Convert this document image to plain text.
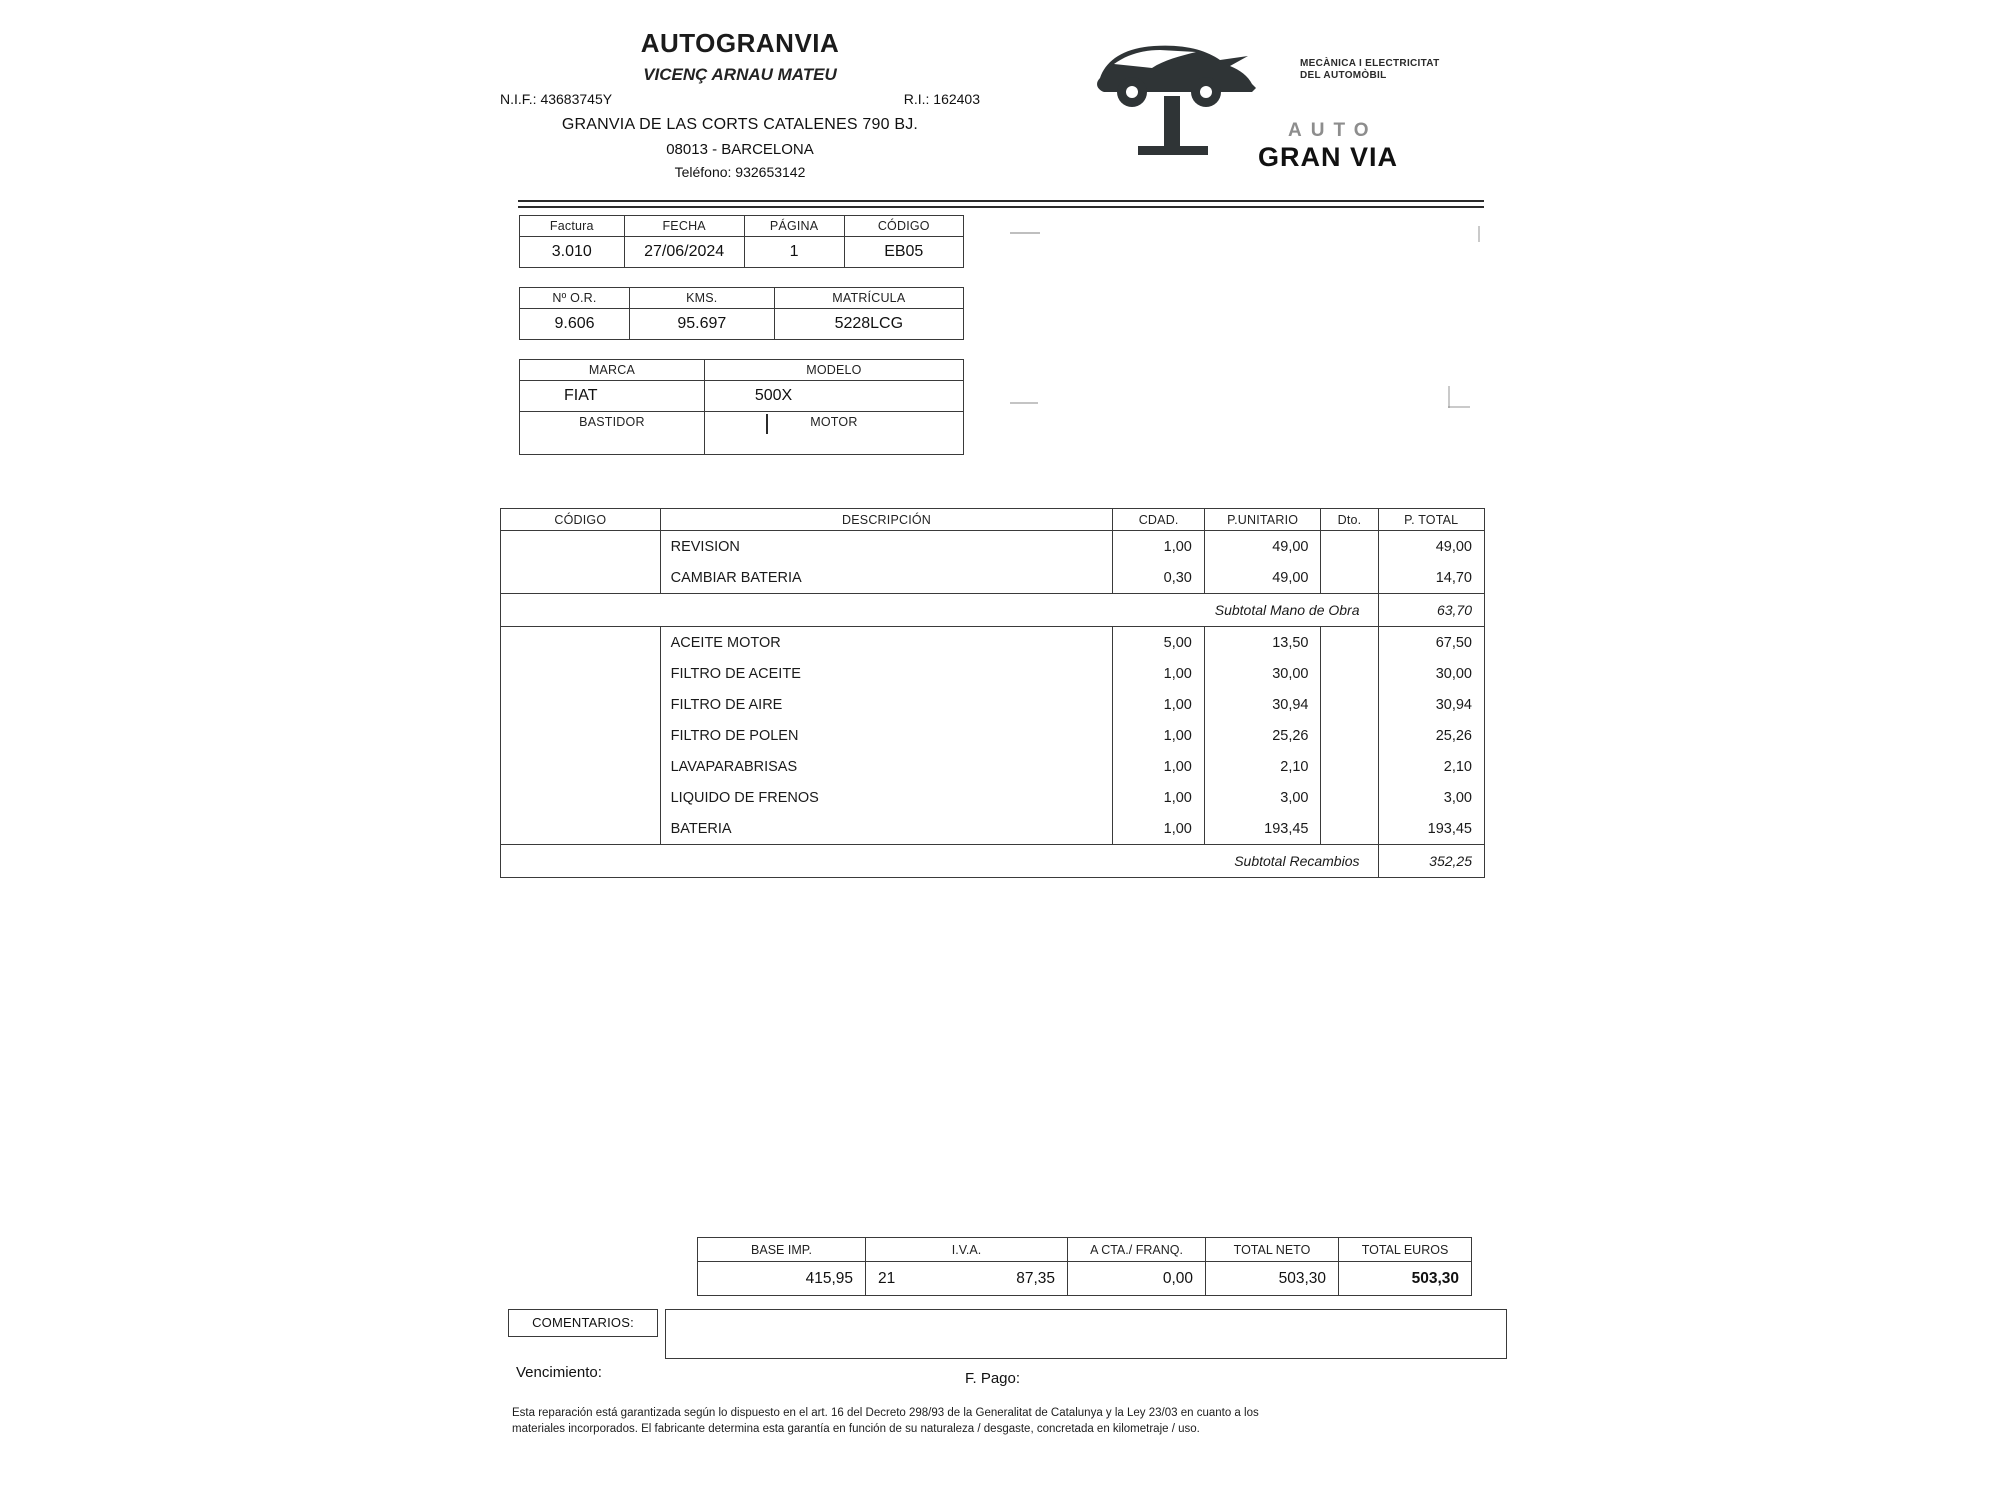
AUTOGRANVIA
VICENÇ ARNAU MATEU
N.I.F.: 43683745Y	R.I.: 162403
GRANVIA DE LAS CORTS CATALENES 790 BJ.
08013 - BARCELONA
Teléfono: 932653142
MECÀNICA I ELECTRICITAT
DEL AUTOMÒBIL
AUTO
GRAN VIA
Factura	FECHA	PÁGINA	CÓDIGO
3.010	27/06/2024	1	EB05
Nº O.R.	KMS.	MATRÍCULA
9.606	95.697	5228LCG
MARCA	MODELO
FIAT	500X
BASTIDOR	MOTOR

CÓDIGO	DESCRIPCIÓN	CDAD.	P.UNITARIO	Dto.	P. TOTAL
	REVISION	1,00	49,00		49,00
	CAMBIAR BATERIA	0,30	49,00		14,70
Subtotal Mano de Obra					63,70
	ACEITE MOTOR	5,00	13,50		67,50
	FILTRO DE ACEITE	1,00	30,00		30,00
	FILTRO DE AIRE	1,00	30,94		30,94
	FILTRO DE POLEN	1,00	25,26		25,26
	LAVAPARABRISAS	1,00	2,10		2,10
	LIQUIDO DE FRENOS	1,00	3,00		3,00
	BATERIA	1,00	193,45		193,45
Subtotal Recambios					352,25
BASE IMP.	I.V.A.		A CTA./ FRANQ.	TOTAL NETO	TOTAL EUROS
415,95	21	87,35	0,00	503,30	503,30
COMENTARIOS:
Vencimiento:	F. Pago:
Esta reparación está garantizada según lo dispuesto en el art. 16 del Decreto 298/93 de la Generalitat de Catalunya y la Ley 23/03 en cuanto a los
materiales incorporados. El fabricante determina esta garantía en función de su naturaleza / desgaste, concretada en kilometraje / uso.
